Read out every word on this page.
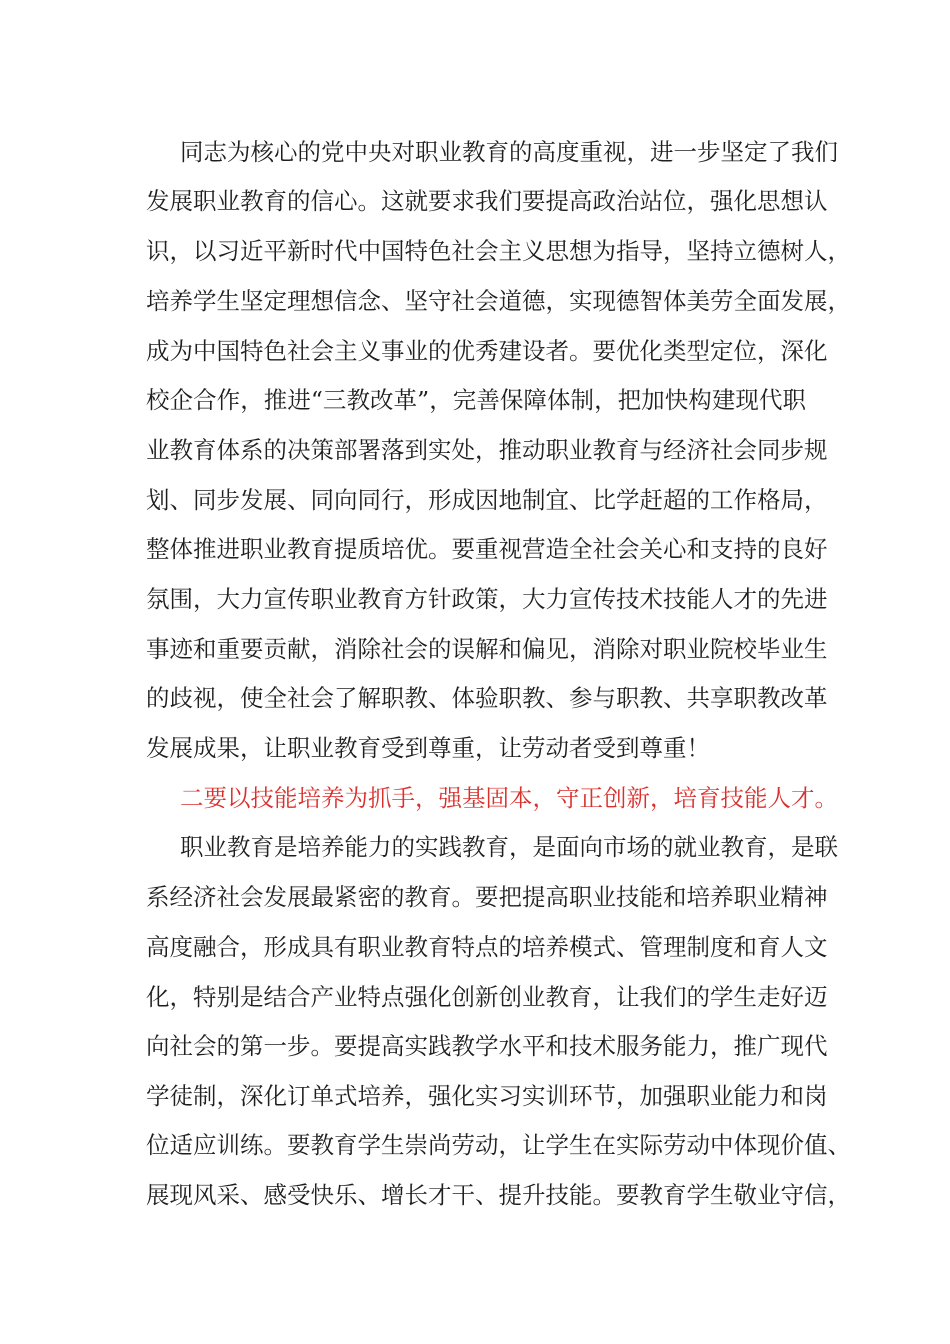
同志为核心的党中央对职业教育的高度重视，进一步坚定了我们
发展职业教育的信心。这就要求我们要提高政治站位，强化思想认
识，以习近平新时代中国特色社会主义思想为指导，坚持立德树人，
培养学生坚定理想信念、坚守社会道德，实现德智体美劳全面发展，
成为中国特色社会主义事业的优秀建设者。要优化类型定位，深化
校企合作，推进“三教改革”，完善保障体制，把加快构建现代职
业教育体系的决策部署落到实处，推动职业教育与经济社会同步规
划、同步发展、同向同行，形成因地制宜、比学赶超的工作格局，
整体推进职业教育提质培优。要重视营造全社会关心和支持的良好
氛围，大力宣传职业教育方针政策，大力宣传技术技能人才的先进
事迹和重要贡献，消除社会的误解和偏见，消除对职业院校毕业生
的歧视，使全社会了解职教、体验职教、参与职教、共享职教改革
发展成果，让职业教育受到尊重，让劳动者受到尊重！
二要以技能培养为抓手，强基固本，守正创新，培育技能人才。
职业教育是培养能力的实践教育，是面向市场的就业教育，是联
系经济社会发展最紧密的教育。要把提高职业技能和培养职业精神
高度融合，形成具有职业教育特点的培养模式、管理制度和育人文
化，特别是结合产业特点强化创新创业教育，让我们的学生走好迈
向社会的第一步。要提高实践教学水平和技术服务能力，推广现代
学徒制，深化订单式培养，强化实习实训环节，加强职业能力和岗
位适应训练。要教育学生崇尚劳动，让学生在实际劳动中体现价值、
展现风采、感受快乐、增长才干、提升技能。要教育学生敬业守信，
